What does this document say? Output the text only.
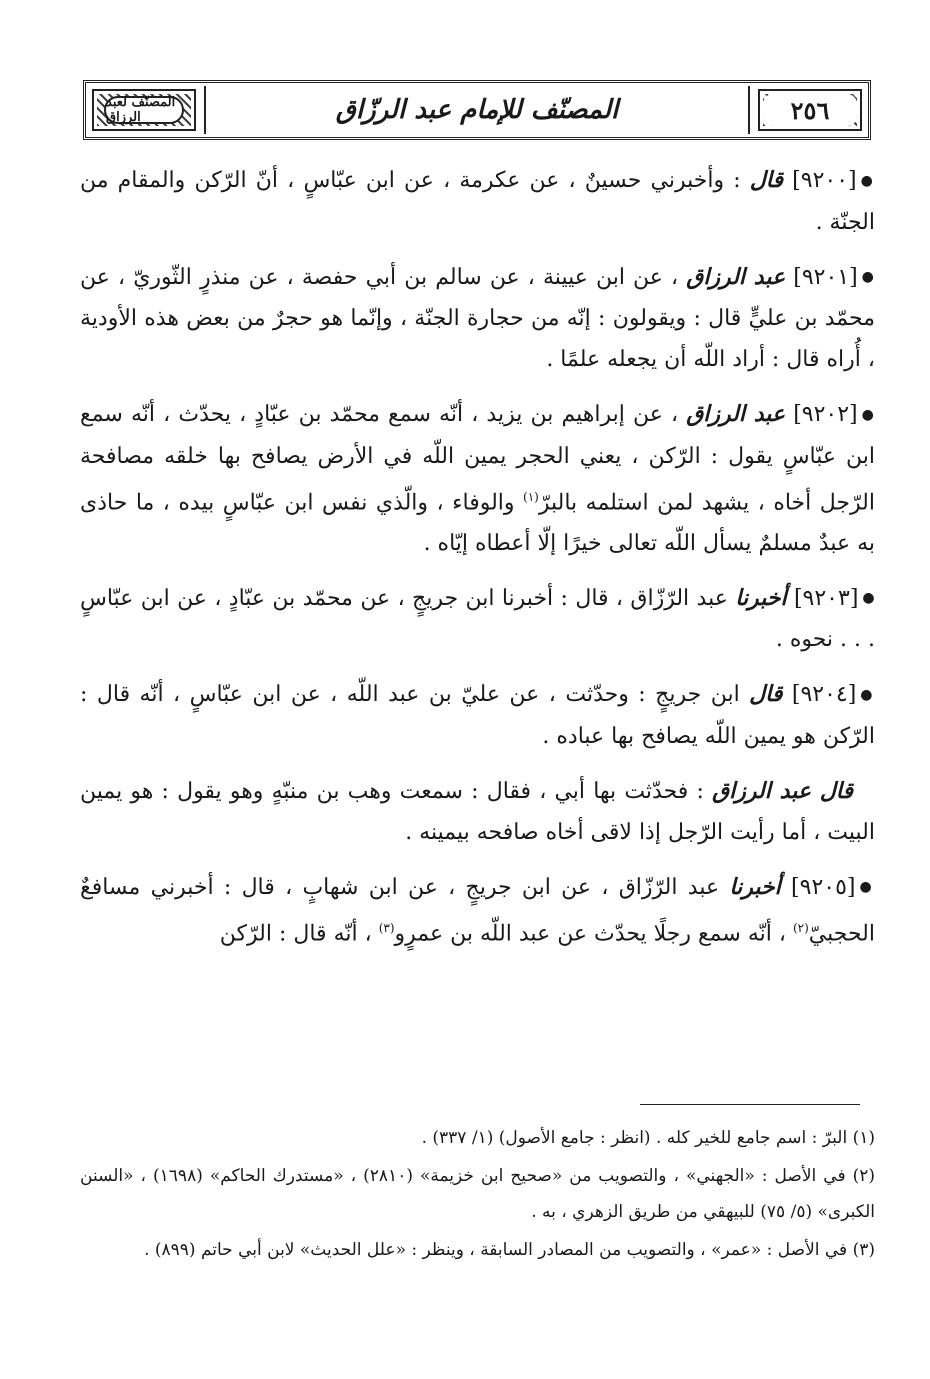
٢٥٦
المصنّف للإمام عبد الرزّاق
المصنّف لعبد الرزاق

●[٩٢٠٠] قال : وأخبرني حسينٌ ، عن عكرمة ، عن ابن عبّاسٍ ، أنّ الرّكن والمقام من الجنّة .

●[٩٢٠١] عبد الرزاق ، عن ابن عيينة ، عن سالم بن أبي حفصة ، عن منذرٍ الثّوريّ ، عن محمّد بن عليٍّ قال : ويقولون : إنّه من حجارة الجنّة ، وإنّما هو حجرٌ من بعض هذه الأودية ، أُراه قال : أراد اللّه أن يجعله علمًا .

●[٩٢٠٢] عبد الرزاق ، عن إبراهيم بن يزيد ، أنّه سمع محمّد بن عبّادٍ ، يحدّث ، أنّه سمع ابن عبّاسٍ يقول : الرّكن ، يعني الحجر يمين اللّه في الأرض يصافح بها خلقه مصافحة الرّجل أخاه ، يشهد لمن استلمه بالبرّ$^{(١)}$ والوفاء ، والّذي نفس ابن عبّاسٍ بيده ، ما حاذى به عبدٌ مسلمٌ يسأل اللّه تعالى خيرًا إلّا أعطاه إيّاه .

●[٩٢٠٣] أخبرنا عبد الرّزّاق ، قال : أخبرنا ابن جريجٍ ، عن محمّد بن عبّادٍ ، عن ابن عبّاسٍ . . . نحوه .

●[٩٢٠٤] قال ابن جريجٍ : وحدّثت ، عن عليّ بن عبد اللّه ، عن ابن عبّاسٍ ، أنّه قال : الرّكن هو يمين اللّه يصافح بها عباده .

قال عبد الرزاق : فحدّثت بها أبي ، فقال : سمعت وهب بن منبّهٍ وهو يقول : هو يمين البيت ، أما رأيت الرّجل إذا لاقى أخاه صافحه بيمينه .

●[٩٢٠٥] أخبرنا عبد الرّزّاق ، عن ابن جريجٍ ، عن ابن شهابٍ ، قال : أخبرني مسافعٌ الحجبيّ$^{(٢)}$ ، أنّه سمع رجلًا يحدّث عن عبد اللّه بن عمرٍو$^{(٣)}$ ، أنّه قال : الرّكن

(١) البرّ : اسم جامع للخير كله . (انظر : جامع الأصول) (١/ ٣٣٧) .

(٢) في الأصل : «الجهني» ، والتصويب من «صحيح ابن خزيمة» (٢٨١٠) ، «مستدرك الحاكم» (١٦٩٨) ، «السنن الكبرى» (٥/ ٧٥) للبيهقي من طريق الزهري ، به .

(٣) في الأصل : «عمر» ، والتصويب من المصادر السابقة ، وينظر : «علل الحديث» لابن أبي حاتم (٨٩٩) .
